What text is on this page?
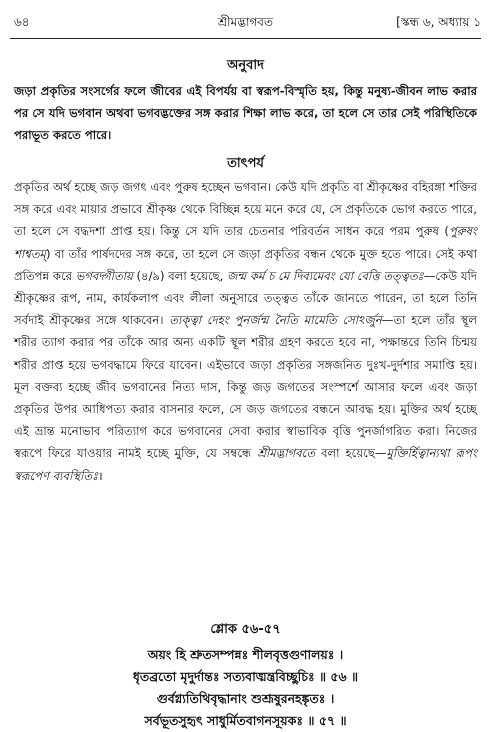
৬৪	শ্রীমদ্ভাগবত	[স্কন্ধ ৬, অধ্যায় ১
অনুবাদ
জড়া প্রকৃতির সংসর্গের ফলে জীবের এই বিপর্যয় বা স্বরূপ-বিস্মৃতি হয়, কিন্তু মনুষ্য-জীবন লাভ করার পর সে যদি ভগবান অথবা ভগবদ্ভক্তের সঙ্গ করার শিক্ষা লাভ করে, তা হলে সে তার সেই পরিস্থিতিকে পরাভূত করতে পারে।
তাৎপর্য
প্রকৃতির অর্থ হচ্ছে জড় জগৎ এবং পুরুষ হচ্ছেন ভগবান। কেউ যদি প্রকৃতি বা শ্রীকৃষ্ণের বহিরঙ্গা শক্তির সঙ্গ করে এবং মায়ার প্রভাবে শ্রীকৃষ্ণ থেকে বিচ্ছিন্ন হয়ে মনে করে যে, সে প্রকৃতিকে ভোগ করতে পারে, তা হলে সে বদ্ধদশা প্রাপ্ত হয়। কিন্তু সে যদি তার চেতনার পরিবর্তন সাধন করে পরম পুরুষ (পুরুষং শাশ্বতম্) বা তাঁর পার্ষদদের সঙ্গ করে, তা হলে সে জড়া প্রকৃতির বন্ধন থেকে মুক্ত হতে পারে। সেই কথা প্রতিপন্ন করে ভগবদ্গীতায় (৪/৯) বলা হয়েছে, জন্ম কর্ম চ মে দিব্যমেবং যো বেত্তি তত্ত্বতঃ—কেউ যদি শ্রীকৃষ্ণের রূপ, নাম, কার্যকলাপ এবং লীলা অনুসারে তত্ত্বত তাঁকে জানতে পারেন, তা হলে তিনি সর্বদাই শ্রীকৃষ্ণের সঙ্গে থাকবেন। ত্যক্ত্বা দেহং পুনর্জন্ম নৈতি মামেতি সোঽর্জুন—তা হলে তাঁর স্থূল শরীর ত্যাগ করার পর তাঁকে আর অন্য একটি স্থূল শরীর গ্রহণ করতে হবে না, পক্ষান্তরে তিনি চিন্ময় শরীর প্রাপ্ত হয়ে ভগবদ্ধামে ফিরে যাবেন। এইভাবে জড়া প্রকৃতির সঙ্গজনিত দুঃখ-দুর্দশার সমাপ্তি হয়। মূল বক্তব্য হচ্ছে জীব ভগবানের নিত্য দাস, কিন্তু জড় জগতের সংস্পর্শে আসার ফলে এবং জড়া প্রকৃতির উপর আধিপত্য করার বাসনার ফলে, সে জড় জগতের বন্ধনে আবদ্ধ হয়। মুক্তির অর্থ হচ্ছে এই ভ্রান্ত মনোভাব পরিত্যাগ করে ভগবানের সেবা করার স্বাভাবিক বৃত্তি পুনর্জাগরিত করা। নিজের স্বরূপে ফিরে যাওয়ার নামই হচ্ছে মুক্তি, যে সম্বন্ধে শ্রীমদ্ভাগবতে বলা হয়েছে—মুক্তির্হিত্বান্যথা রূপং স্বরূপেণ ব্যবস্থিতিঃ।
শ্লোক ৫৬-৫৭
অয়ং হি শ্রুতসম্পন্নঃ শীলবৃত্তগুণালয়ঃ ।
ধৃতব্রতো মৃদুর্দান্তঃ সত্যবাঙ্মন্ত্রবিচ্ছুচিঃ ॥ ৫৬ ॥
গুর্বগ্ন্যতিথিবৃদ্ধানাং শুশ্রূষুরনহঙ্কৃতঃ ।
সর্বভূতসুহৃৎ সাধুর্মিতবাগনসূয়কঃ ॥ ৫৭ ॥
